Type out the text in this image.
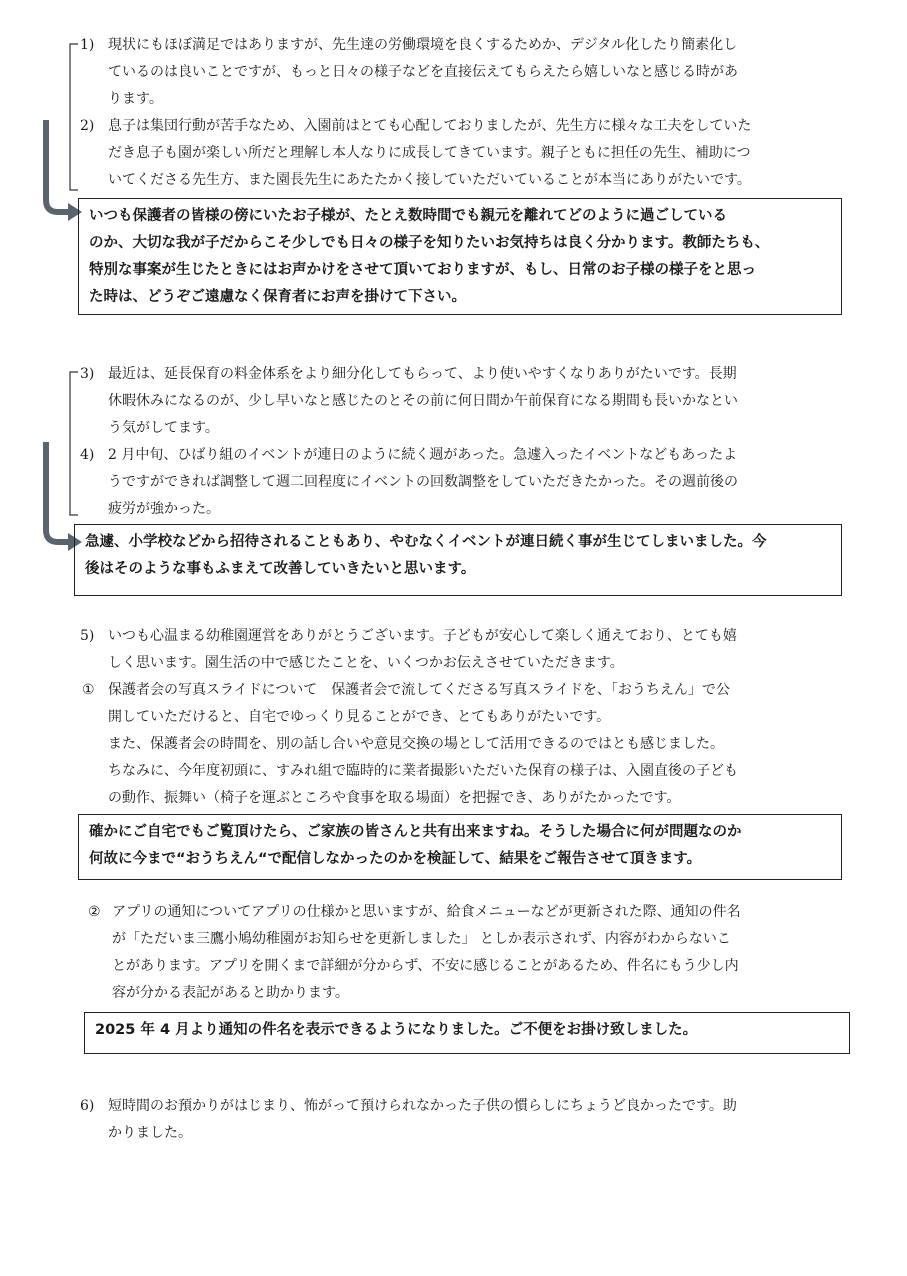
1) 現状にもほぼ満足ではありますが、先生達の労働環境を良くするためか、デジタル化したり簡素化し
ているのは良いことですが、もっと日々の様子などを直接伝えてもらえたら嬉しいなと感じる時があ
ります。
2) 息子は集団行動が苦手なため、入園前はとても心配しておりましたが、先生方に様々な工夫をしていた
だき息子も園が楽しい所だと理解し本人なりに成長してきています。親子ともに担任の先生、補助につ
いてくださる先生方、また園長先生にあたたかく接していただいていることが本当にありがたいです。
いつも保護者の皆様の傍にいたお子様が、たとえ数時間でも親元を離れてどのように過ごしている
のか、大切な我が子だからこそ少しでも日々の様子を知りたいお気持ちは良く分かります。教師たちも、
特別な事案が生じたときにはお声かけをさせて頂いておりますが、もし、日常のお子様の様子をと思っ
た時は、どうぞご遠慮なく保育者にお声を掛けて下さい。
3) 最近は、延長保育の料金体系をより細分化してもらって、より使いやすくなりありがたいです。長期
休暇休みになるのが、少し早いなと感じたのとその前に何日間か午前保育になる期間も長いかなとい
う気がしてます。
4) 2 月中旬、ひばり組のイベントが連日のように続く週があった。急遽入ったイベントなどもあったよ
うですができれば調整して週二回程度にイベントの回数調整をしていただきたかった。その週前後の
疲労が強かった。
急遽、小学校などから招待されることもあり、やむなくイベントが連日続く事が生じてしまいました。今
後はそのような事もふまえて改善していきたいと思います。
5) いつも心温まる幼稚園運営をありがとうございます。子どもが安心して楽しく通えており、とても嬉
しく思います。園生活の中で感じたことを、いくつかお伝えさせていただきます。
① 保護者会の写真スライドについて　保護者会で流してくださる写真スライドを、「おうちえん」で公
開していただけると、自宅でゆっくり見ることができ、とてもありがたいです。
また、保護者会の時間を、別の話し合いや意見交換の場として活用できるのではとも感じました。
ちなみに、今年度初頭に、すみれ組で臨時的に業者撮影いただいた保育の様子は、入園直後の子ども
の動作、振舞い（椅子を運ぶところや食事を取る場面）を把握でき、ありがたかったです。
確かにご自宅でもご覧頂けたら、ご家族の皆さんと共有出来ますね。そうした場合に何が問題なのか
何故に今まで“おうちえん“で配信しなかったのかを検証して、結果をご報告させて頂きます。
② アプリの通知についてアプリの仕様かと思いますが、給食メニューなどが更新された際、通知の件名
が「ただいま三鷹小鳩幼稚園がお知らせを更新しました」 としか表示されず、内容がわからないこ
とがあります。アプリを開くまで詳細が分からず、不安に感じることがあるため、件名にもう少し内
容が分かる表記があると助かります。
2025 年 4 月より通知の件名を表示できるようになりました。ご不便をお掛け致しました。
6) 短時間のお預かりがはじまり、怖がって預けられなかった子供の慣らしにちょうど良かったです。助
かりました。
